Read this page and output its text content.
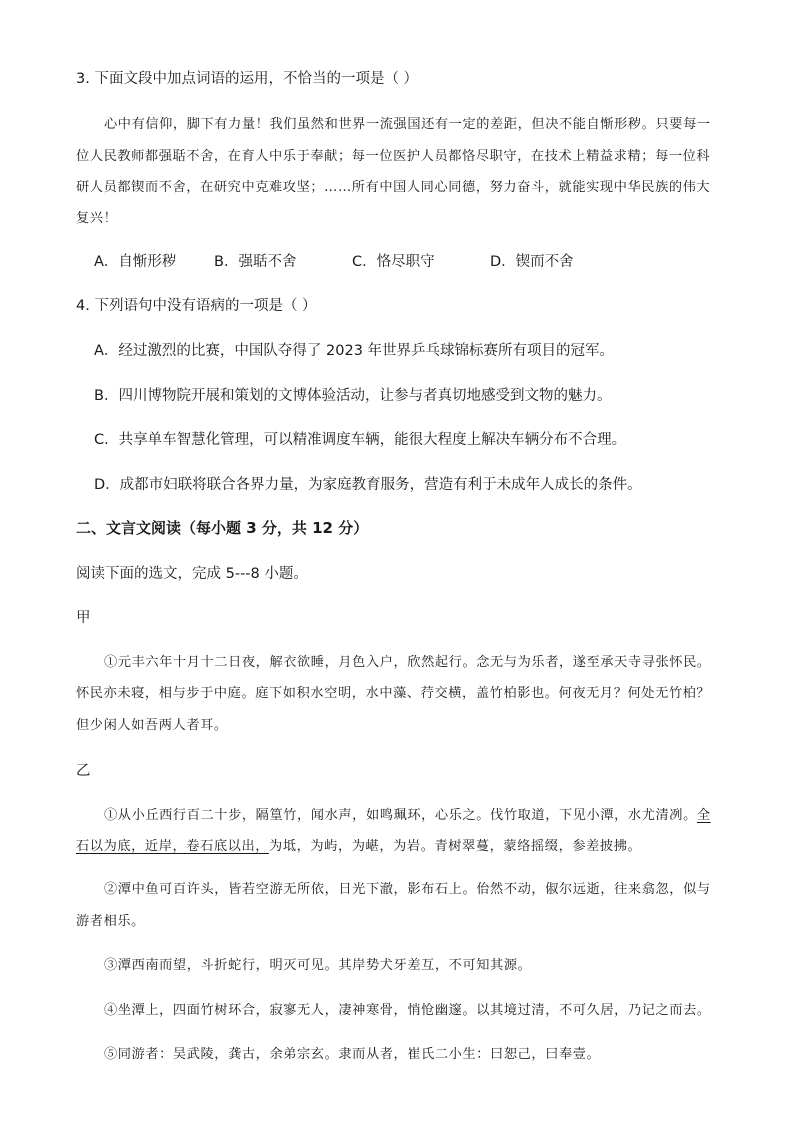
3. 下面文段中加点词语的运用，不恰当的一项是（ ）
心中有信仰，脚下有力量！我们虽然和世界一流强国还有一定的差距，但决不能自惭形秽。只要每一
位人民教师都强聒不舍，在育人中乐于奉献；每一位医护人员都恪尽职守，在技术上精益求精；每一位科
研人员都锲而不舍，在研究中克难攻坚；……所有中国人同心同德，努力奋斗，就能实现中华民族的伟大
复兴！
A．自惭形秽	B．强聒不舍	C．恪尽职守	D．锲而不舍
4. 下列语句中没有语病的一项是（ ）
A．经过激烈的比赛，中国队夺得了 2023 年世界乒乓球锦标赛所有项目的冠军。
B．四川博物院开展和策划的文博体验活动，让参与者真切地感受到文物的魅力。
C．共享单车智慧化管理，可以精准调度车辆，能很大程度上解决车辆分布不合理。
D．成都市妇联将联合各界力量，为家庭教育服务，营造有利于未成年人成长的条件。
二、文言文阅读（每小题 3 分，共 12 分）
阅读下面的选文，完成 5---8 小题。
甲
①元丰六年十月十二日夜，解衣欲睡，月色入户，欣然起行。念无与为乐者，遂至承天寺寻张怀民。
怀民亦未寝，相与步于中庭。庭下如积水空明，水中藻、荇交横，盖竹柏影也。何夜无月？何处无竹柏？
但少闲人如吾两人者耳。
乙
①从小丘西行百二十步，隔篁竹，闻水声，如鸣珮环，心乐之。伐竹取道，下见小潭，水尤清冽。全
石以为底，近岸，卷石底以出，为坻，为屿，为嵁，为岩。青树翠蔓，蒙络摇缀，参差披拂。
②潭中鱼可百许头，皆若空游无所依，日光下澈，影布石上。佁然不动，俶尔远逝，往来翕忽，似与
游者相乐。
③潭西南而望，斗折蛇行，明灭可见。其岸势犬牙差互，不可知其源。
④坐潭上，四面竹树环合，寂寥无人，凄神寒骨，悄怆幽邃。以其境过清，不可久居，乃记之而去。
⑤同游者：吴武陵，龚古，余弟宗玄。隶而从者，崔氏二小生：曰恕己，曰奉壹。
